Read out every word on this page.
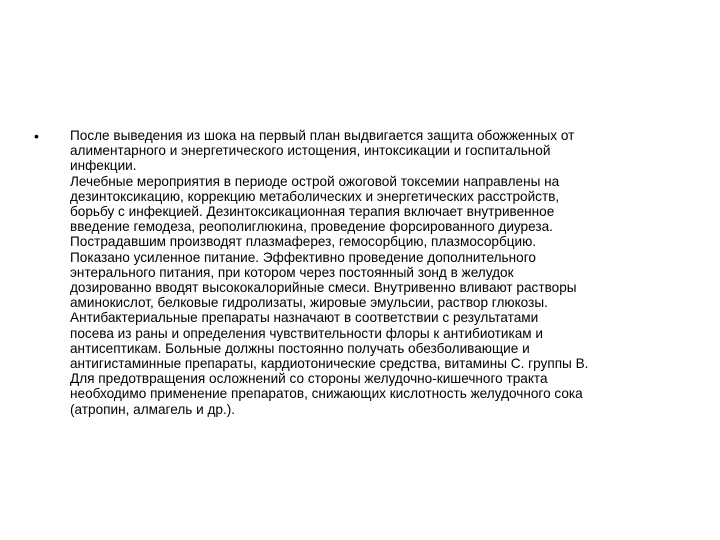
• После выведения из шока на первый план выдвигается защита обожженных от
алиментарного и энергетического истощения, интоксикации и госпитальной
инфекции.
Лечебные мероприятия в периоде острой ожоговой токсемии направлены на
дезинтоксикацию, коррекцию метаболических и энергетических расстройств,
борьбу с инфекцией. Дезинтоксикационная терапия включает внутривенное
введение гемодеза, реополиглюкина, проведение форсированного диуреза.
Пострадавшим производят плазмаферез, гемосорбцию, плазмосорбцию.
Показано усиленное питание. Эффективно проведение дополнительного
энтерального питания, при котором через постоянный зонд в желудок
дозированно вводят высококалорийные смеси. Внутривенно вливают растворы
аминокислот, белковые гидролизаты, жировые эмульсии, раствор глюкозы.
Антибактериальные препараты назначают в соответствии с результатами
посева из раны и определения чувствительности флоры к антибиотикам и
антисептикам. Больные должны постоянно получать обезболивающие и
антигистаминные препараты, кардиотонические средства, витамины С. группы В.
Для предотвращения осложнений со стороны желудочно-кишечного тракта
необходимо применение препаратов, снижающих кислотность желудочного сока
(атропин, алмагель и др.).
